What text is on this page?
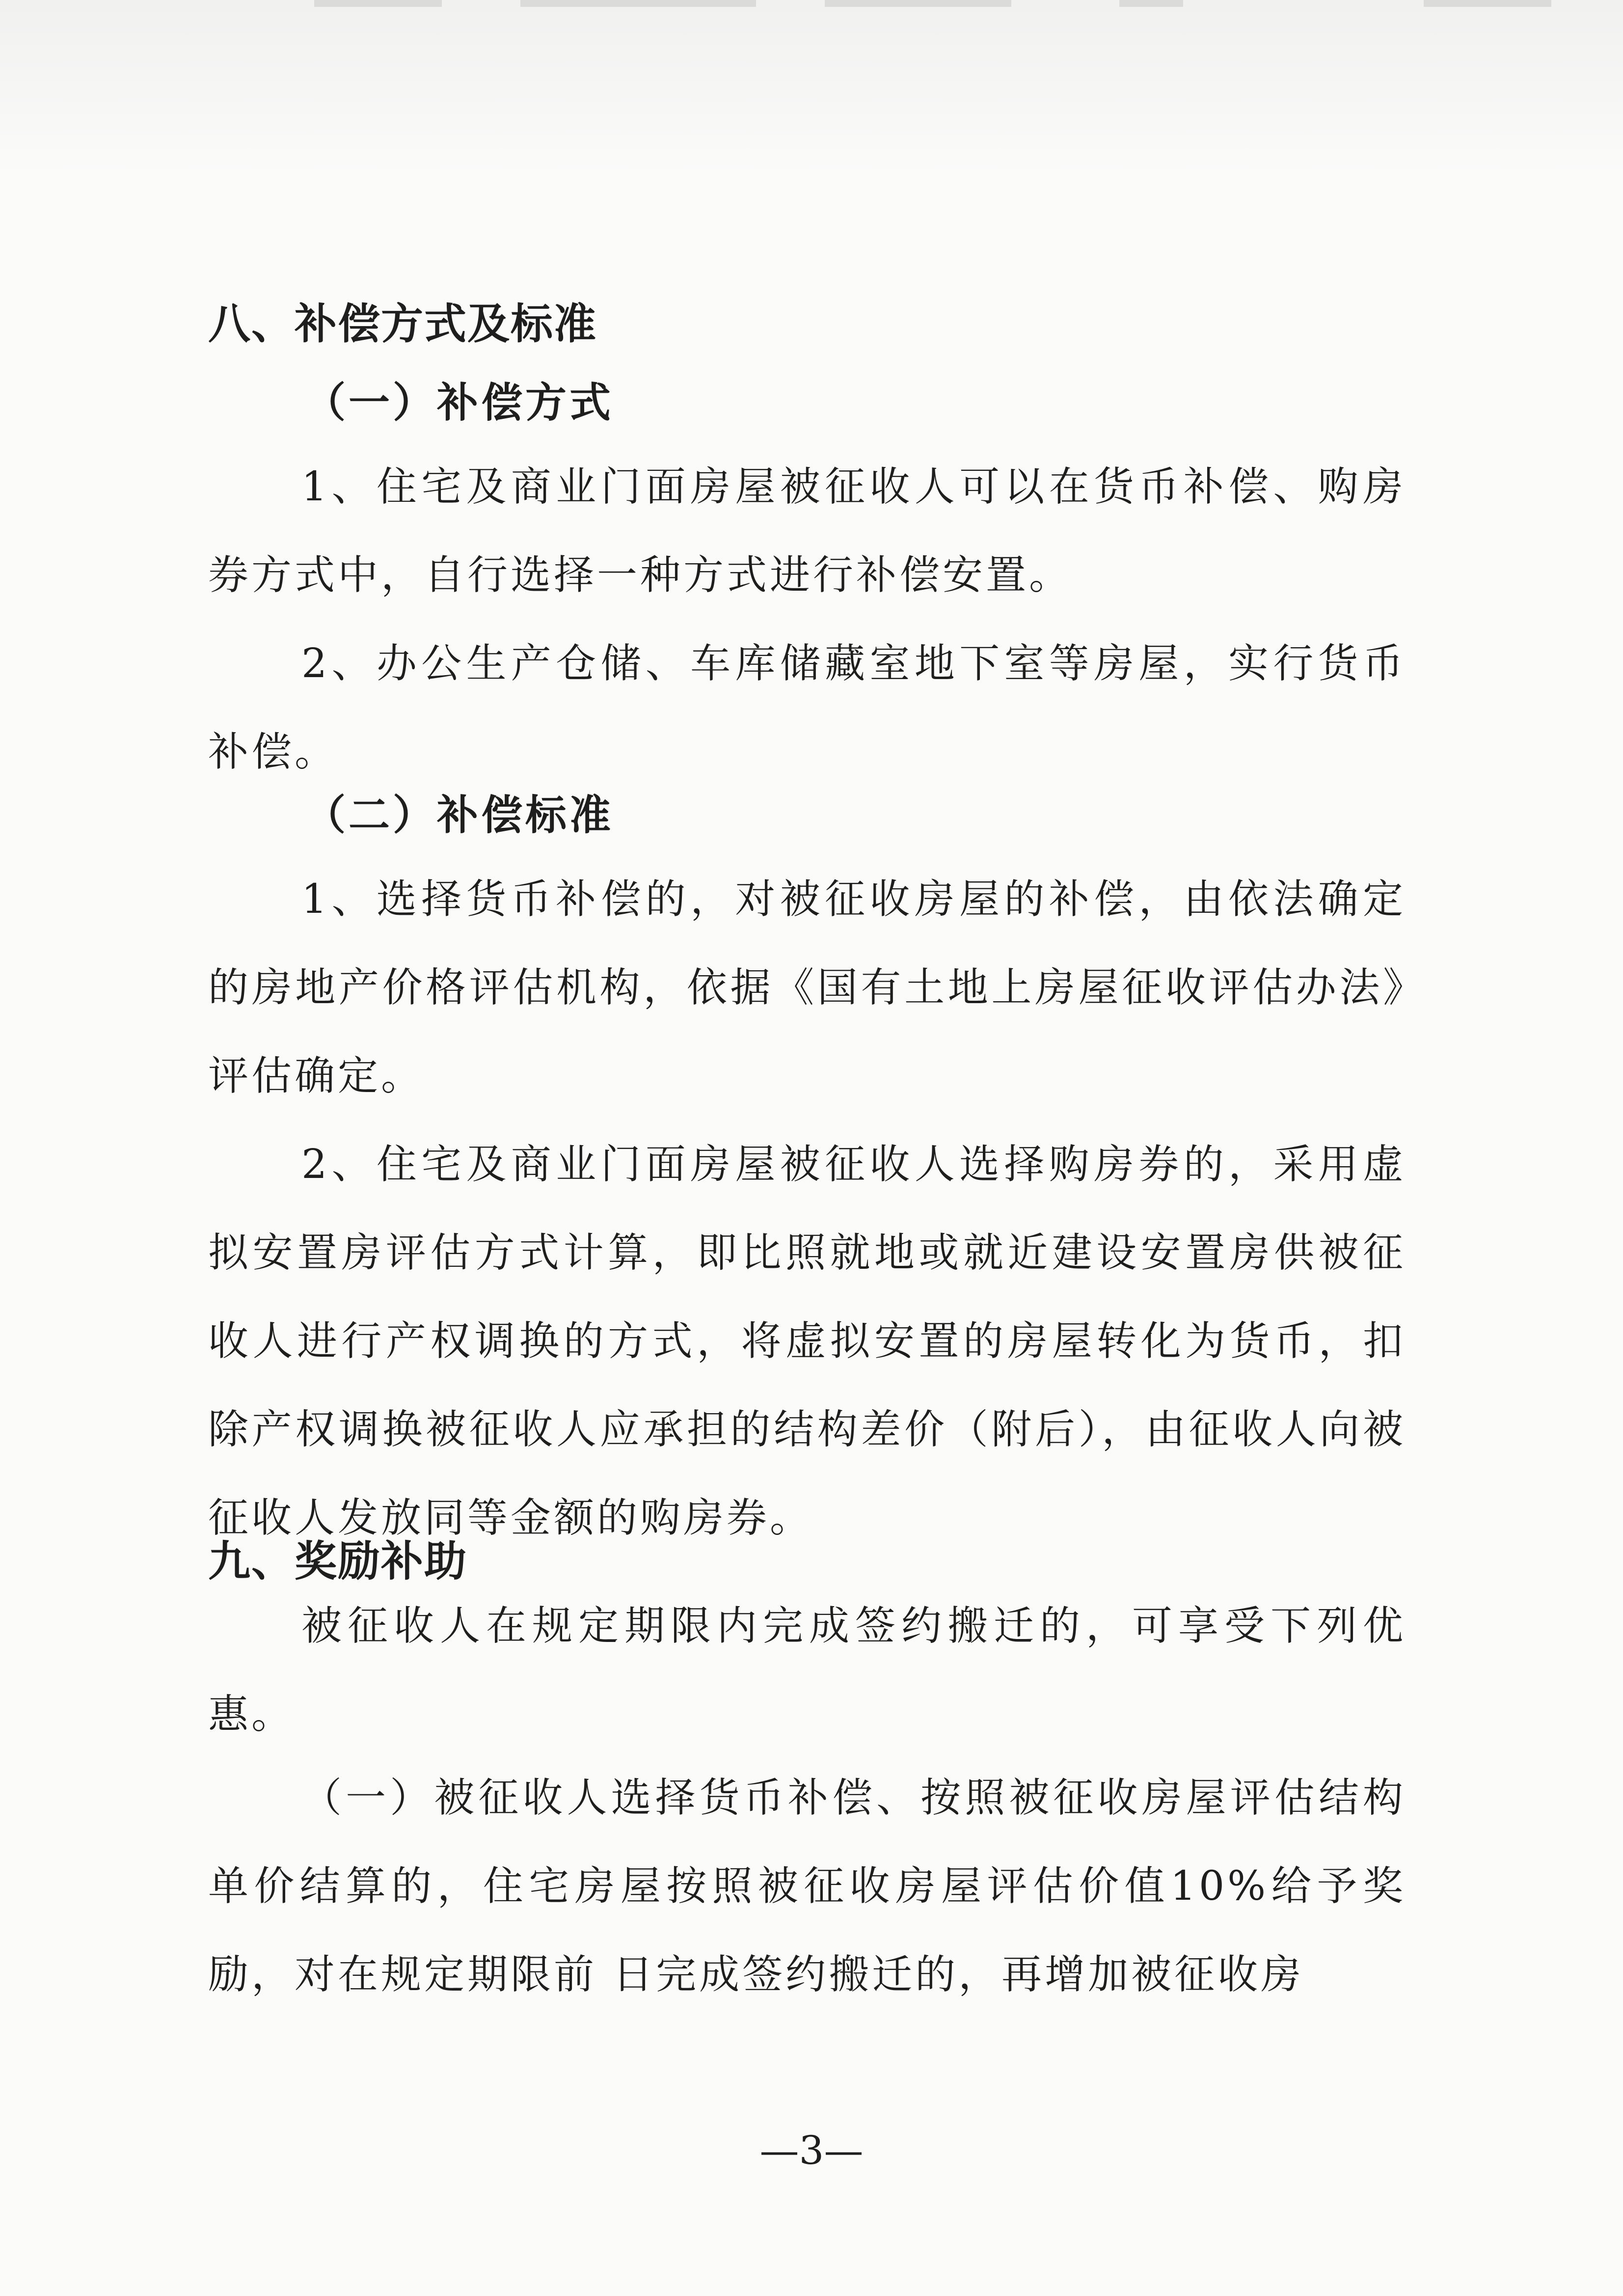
八、补偿方式及标准
（一）补偿方式

1、住宅及商业门面房屋被征收人可以在货币补偿、购房券方式中，自行选择一种方式进行补偿安置。

2、办公生产仓储、车库储藏室地下室等房屋，实行货币补偿。

（二）补偿标准

1、选择货币补偿的，对被征收房屋的补偿，由依法确定的房地产价格评估机构，依据《国有土地上房屋征收评估办法》评估确定。

2、住宅及商业门面房屋被征收人选择购房券的，采用虚拟安置房评估方式计算，即比照就地或就近建设安置房供被征收人进行产权调换的方式，将虚拟安置的房屋转化为货币，扣除产权调换被征收人应承担的结构差价（附后），由征收人向被征收人发放同等金额的购房券。

九、奖励补助

被征收人在规定期限内完成签约搬迁的，可享受下列优惠。

（一）被征收人选择货币补偿、按照被征收房屋评估结构单价结算的，住宅房屋按照被征收房屋评估价值10%给予奖励，对在规定期限前 日完成签约搬迁的，再增加被征收房

—3—
